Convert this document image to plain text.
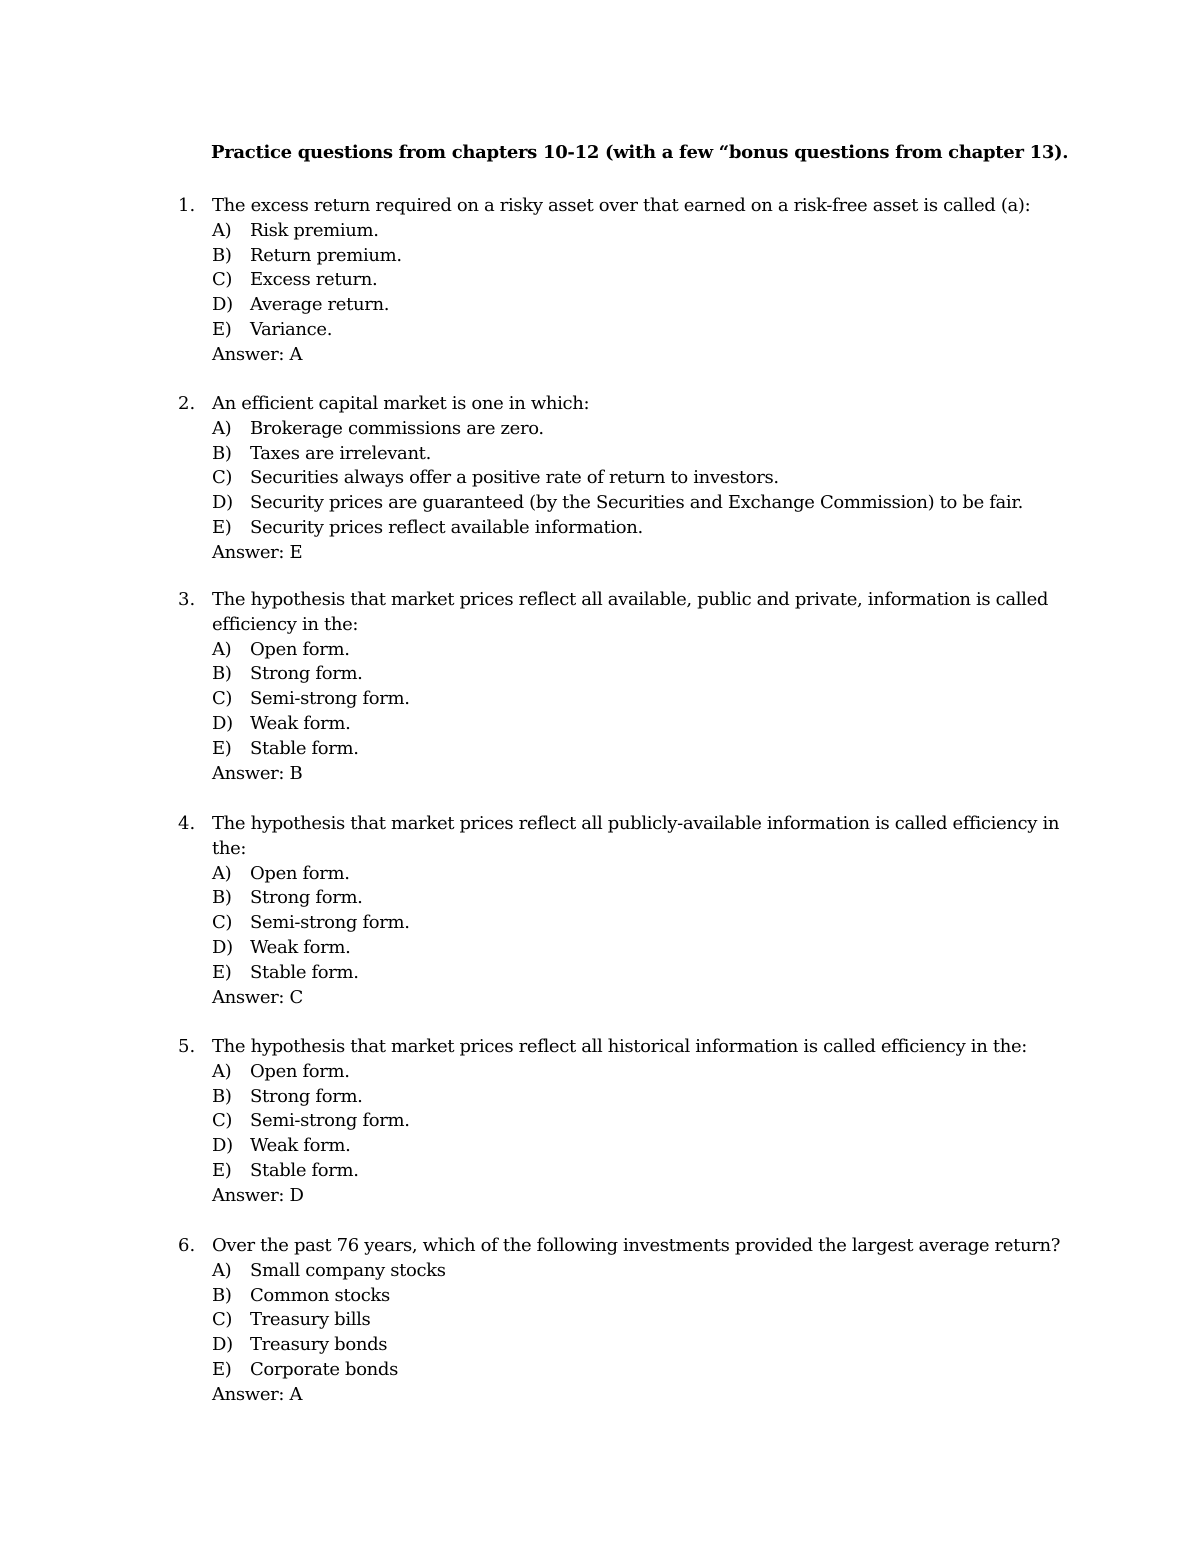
Practice questions from chapters 10-12 (with a few “bonus questions from chapter 13).
1. The excess return required on a risky asset over that earned on a risk-free asset is called (a):
A) Risk premium.
B) Return premium.
C) Excess return.
D) Average return.
E) Variance.
Answer: A
2. An efficient capital market is one in which:
A) Brokerage commissions are zero.
B) Taxes are irrelevant.
C) Securities always offer a positive rate of return to investors.
D) Security prices are guaranteed (by the Securities and Exchange Commission) to be fair.
E) Security prices reflect available information.
Answer: E
3. The hypothesis that market prices reflect all available, public and private, information is called
efficiency in the:
A) Open form.
B) Strong form.
C) Semi-strong form.
D) Weak form.
E) Stable form.
Answer: B
4. The hypothesis that market prices reflect all publicly-available information is called efficiency in
the:
A) Open form.
B) Strong form.
C) Semi-strong form.
D) Weak form.
E) Stable form.
Answer: C
5. The hypothesis that market prices reflect all historical information is called efficiency in the:
A) Open form.
B) Strong form.
C) Semi-strong form.
D) Weak form.
E) Stable form.
Answer: D
6. Over the past 76 years, which of the following investments provided the largest average return?
A) Small company stocks
B) Common stocks
C) Treasury bills
D) Treasury bonds
E) Corporate bonds
Answer: A
